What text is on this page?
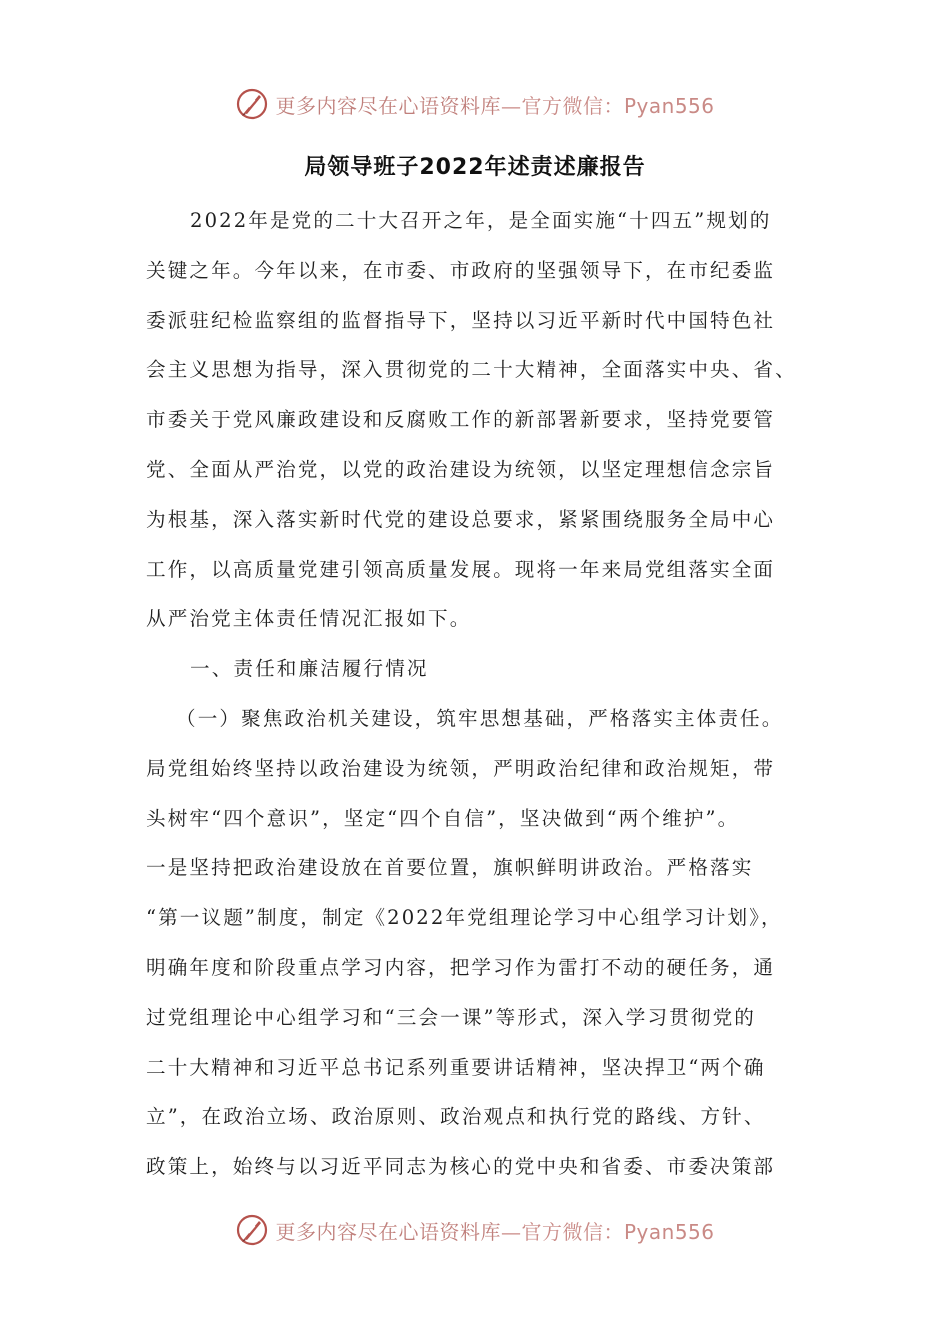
更多内容尽在心语资料库—官方微信：Pyan556
局领导班子2022年述责述廉报告
2022年是党的二十大召开之年，是全面实施“十四五”规划的
关键之年。今年以来，在市委、市政府的坚强领导下，在市纪委监
委派驻纪检监察组的监督指导下，坚持以习近平新时代中国特色社
会主义思想为指导，深入贯彻党的二十大精神，全面落实中央、省、
市委关于党风廉政建设和反腐败工作的新部署新要求，坚持党要管
党、全面从严治党，以党的政治建设为统领，以坚定理想信念宗旨
为根基，深入落实新时代党的建设总要求，紧紧围绕服务全局中心
工作，以高质量党建引领高质量发展。现将一年来局党组落实全面
从严治党主体责任情况汇报如下。
一、责任和廉洁履行情况
（一）聚焦政治机关建设，筑牢思想基础，严格落实主体责任。
局党组始终坚持以政治建设为统领，严明政治纪律和政治规矩，带
头树牢“四个意识”，坚定“四个自信”，坚决做到“两个维护”。
一是坚持把政治建设放在首要位置，旗帜鲜明讲政治。严格落实
“第一议题”制度，制定《2022年党组理论学习中心组学习计划》，
明确年度和阶段重点学习内容，把学习作为雷打不动的硬任务，通
过党组理论中心组学习和“三会一课”等形式，深入学习贯彻党的
二十大精神和习近平总书记系列重要讲话精神，坚决捍卫“两个确
立”，在政治立场、政治原则、政治观点和执行党的路线、方针、
政策上，始终与以习近平同志为核心的党中央和省委、市委决策部
更多内容尽在心语资料库—官方微信：Pyan556
